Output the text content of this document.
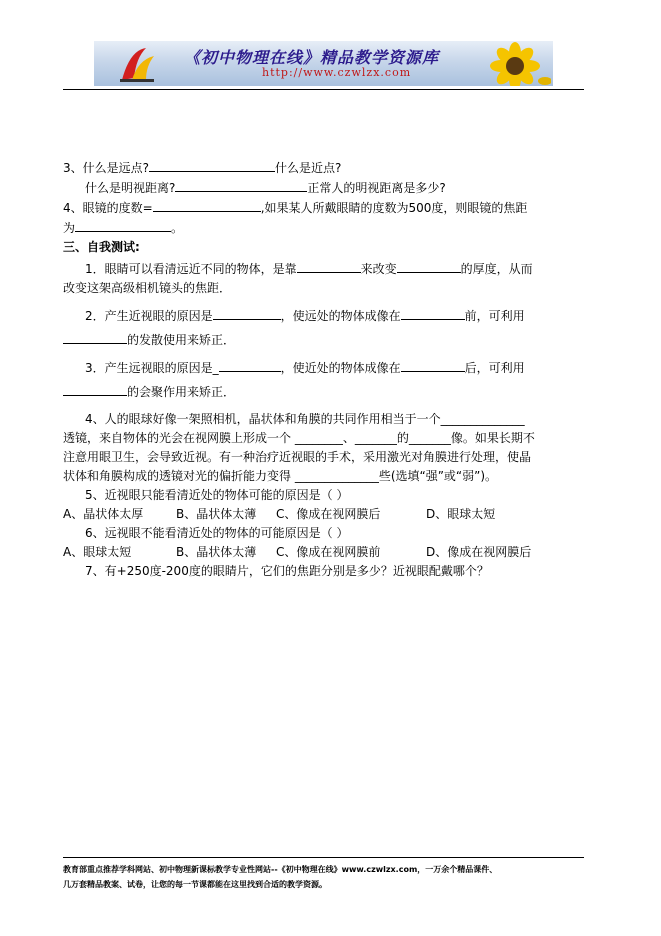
《初中物理在线》精品教学资源库
http://www.czwlzx.com

3、什么是远点?	什么是近点?

什么是明视距离?	正常人的明视距离是多少?

4、眼镜的度数=	,如果某人所戴眼睛的度数为500度，则眼镜的焦距

为	。

三、自我测试:

1．眼睛可以看清远近不同的物体，是靠	来改变	的厚度，从而

改变这架高级相机镜头的焦距．

2．产生近视眼的原因是	，使远处的物体成像在	前，可利用

的发散使用来矫正．

3．产生远视眼的原因是_	，使近处的物体成像在	后，可利用

的会聚作用来矫正．

4、人的眼球好像一架照相机，晶状体和角膜的共同作用相当于一个______________

透镜，来自物体的光会在视网膜上形成一个 ________、_______的_______像。如果长期不

注意用眼卫生，会导致近视。有一种治疗近视眼的手术，采用激光对角膜进行处理，使晶

状体和角膜构成的透镜对光的偏折能力变得 ______________些(选填“强”或“弱”)。

5、近视眼只能看清近处的物体可能的原因是（ ）

A、晶状体太厚	B、晶状体太薄	C、像成在视网膜后	D、眼球太短

6、远视眼不能看清近处的物体的可能原因是（ ）

A、眼球太短	B、晶状体太薄	C、像成在视网膜前	D、像成在视网膜后

7、有+250度-200度的眼睛片，它们的焦距分别是多少？近视眼配戴哪个？

教育部重点推荐学科网站、初中物理新课标教学专业性网站--《初中物理在线》www.czwlzx.com，一万余个精品课件、
几万套精品教案、试卷，让您的每一节课都能在这里找到合适的教学资源。
